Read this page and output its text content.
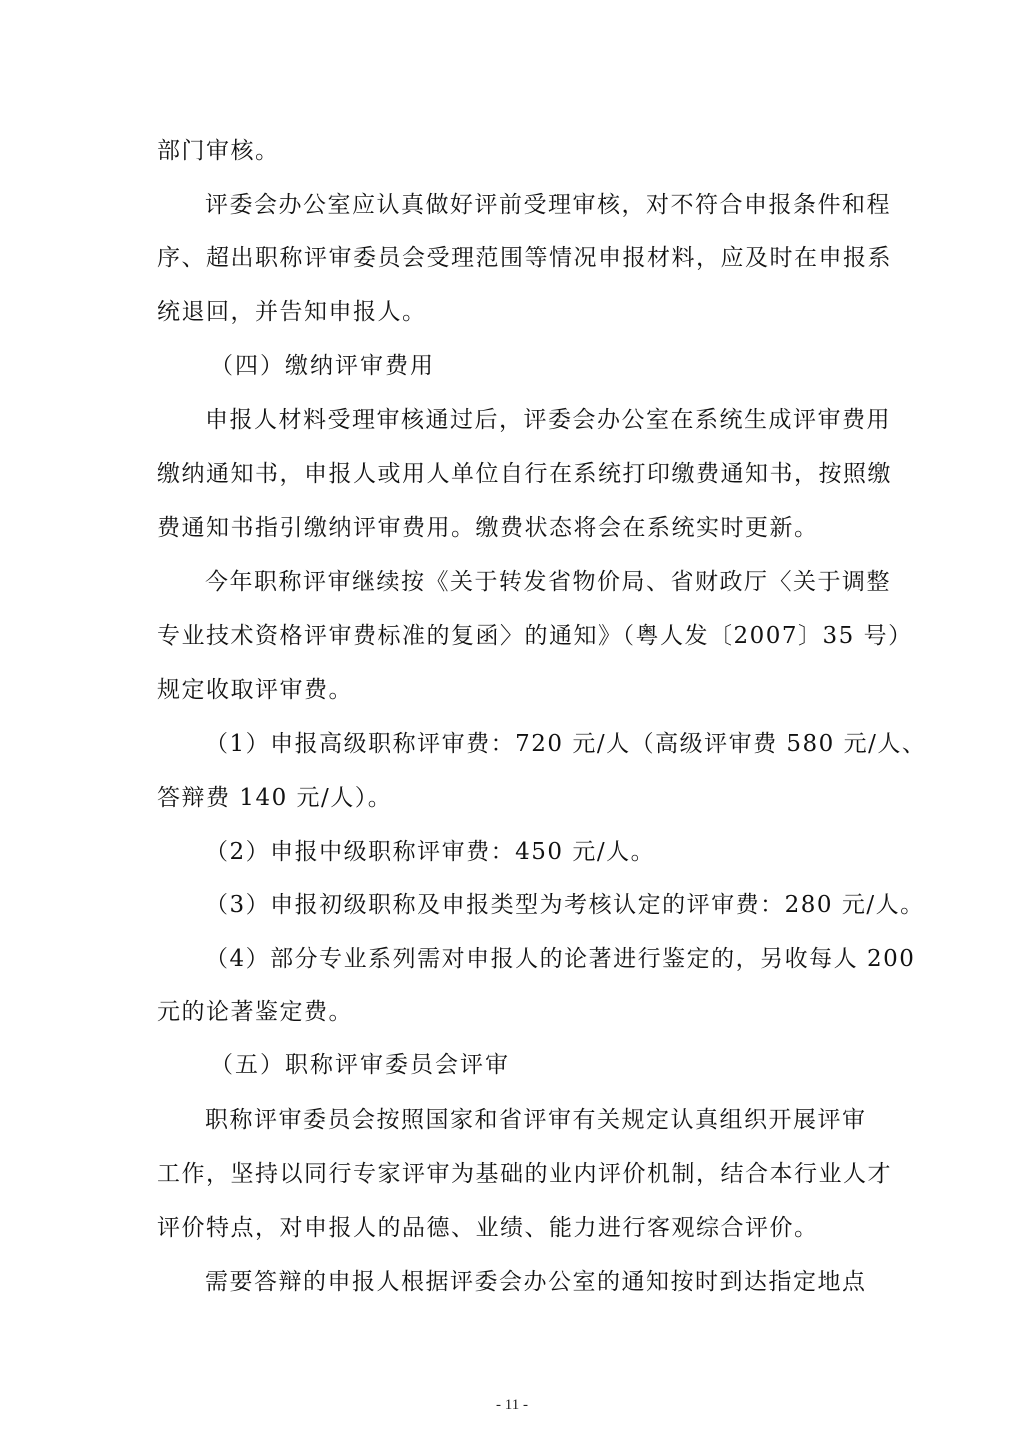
部门审核。
评委会办公室应认真做好评前受理审核，对不符合申报条件和程
序、超出职称评审委员会受理范围等情况申报材料，应及时在申报系
统退回，并告知申报人。
（四）缴纳评审费用
申报人材料受理审核通过后，评委会办公室在系统生成评审费用
缴纳通知书，申报人或用人单位自行在系统打印缴费通知书，按照缴
费通知书指引缴纳评审费用。缴费状态将会在系统实时更新。
今年职称评审继续按《关于转发省物价局、省财政厅〈关于调整
专业技术资格评审费标准的复函〉的通知》（粤人发〔2007〕35 号）
规定收取评审费。
（1）申报高级职称评审费：720 元/人（高级评审费 580 元/人、
答辩费 140 元/人）。
（2）申报中级职称评审费：450 元/人。
（3）申报初级职称及申报类型为考核认定的评审费：280 元/人。
（4）部分专业系列需对申报人的论著进行鉴定的，另收每人 200
元的论著鉴定费。
（五）职称评审委员会评审
职称评审委员会按照国家和省评审有关规定认真组织开展评审
工作，坚持以同行专家评审为基础的业内评价机制，结合本行业人才
评价特点，对申报人的品德、业绩、能力进行客观综合评价。
需要答辩的申报人根据评委会办公室的通知按时到达指定地点
- 11 -
